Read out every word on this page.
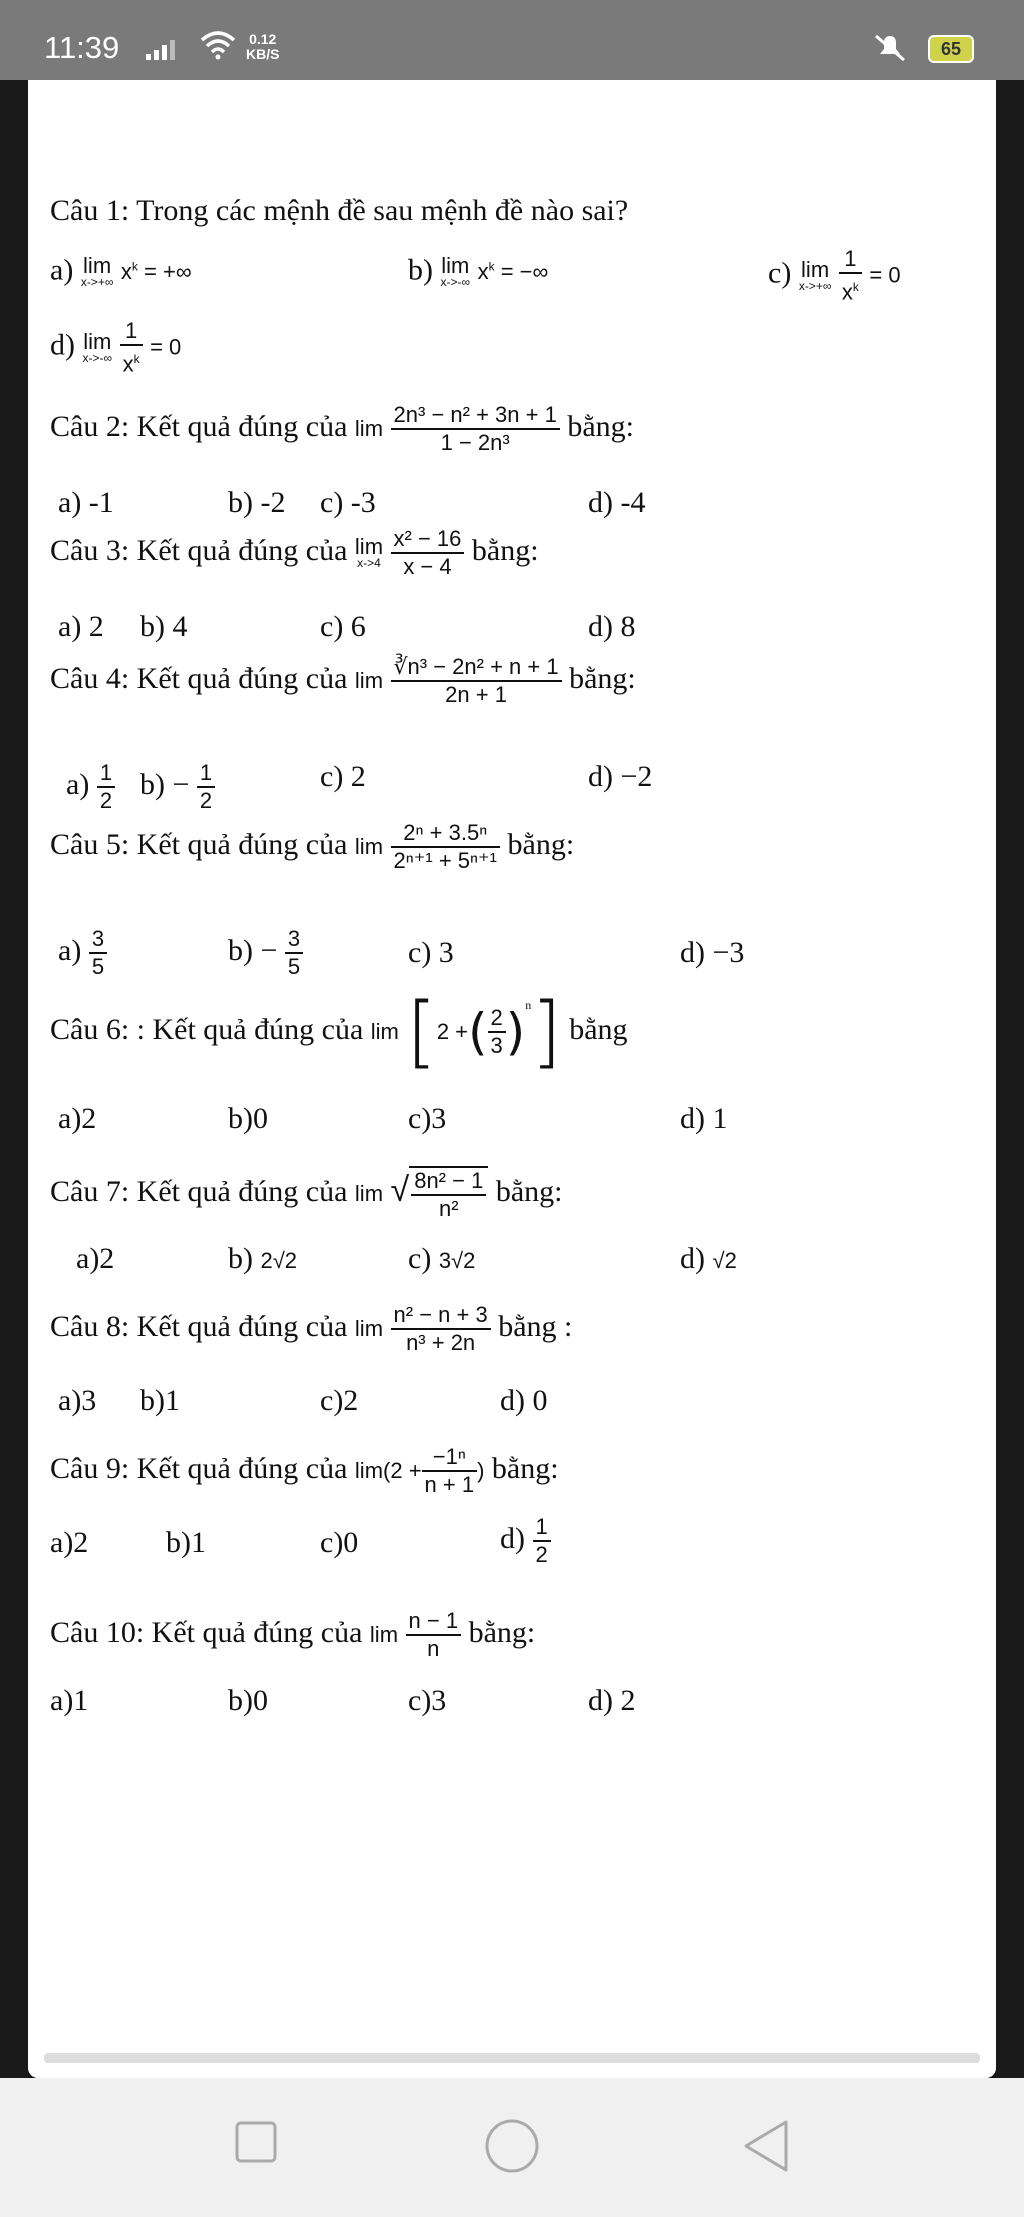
11:39	0.12
KB/S	65
Câu 1: Trong các mệnh đề sau mệnh đề nào sai?
a) lim
x->+∞ $x^k$ = +∞	b) lim
x->-∞ $x^k$ = −∞	c) lim
x->+∞
$\frac{1}{x^k} = 0$
d) lim
x->-∞
$\frac{1}{x^k} = 0$
Câu 2: Kết quả đúng của $\lim \frac{\text{2n³ − n² + 3n + 1}}{\text{1 − 2n³}}$ bằng:
a) -1	b) -2 c) -3	d) -4
Câu 3: Kết quả đúng của lim
x->4
$\frac{\text{x² − 16}}{x - 4}$ bằng:
a) 2 b) 4	c) 6	d) 8
Câu 4: Kết quả đúng của $\lim \frac{\text{∛n³ − 2n² + n + 1}}{2n + 1}$ bằng:
$a) \frac{1}{2} b) - \frac{1}{2}$	c) 2	d) −2
Câu 5: Kết quả đúng của $\lim \frac{\text{2ⁿ + 3.5ⁿ}}{\text{2ⁿ⁺¹ + 5ⁿ⁺¹}}$ bằng:
$a) \frac{3}{5}$	$b) - \frac{3}{5}$	c) 3	d) −3
Câu 6: : Kết quả đúng của lim [2 +( $\frac{2}{3} )^n$] bằng
a)2	b)0	c)3	d) 1
Câu 7: Kết quả đúng của lim √ $\frac{\text{8n² − 1}}{\text{n²}}$ bằng:
a)2	b) 2√2	c) 3√2	d) √2
Câu 8: Kết quả đúng của $\lim \frac{\text{n² − n + 3}}{\text{n³ + 2n}}$ bằng :
a)3 b)1	c)2	d) 0
Câu 9: Kết quả đúng của $\lim(2 + \frac{\text{−1ⁿ}}{n + 1}$ ) bằng:
a)2	b)1	c)0	$d) \frac{1}{2}$
Câu 10: Kết quả đúng của $\lim \frac{n - 1}{n}$ bằng:
a)1	b)0	c)3	d) 2
